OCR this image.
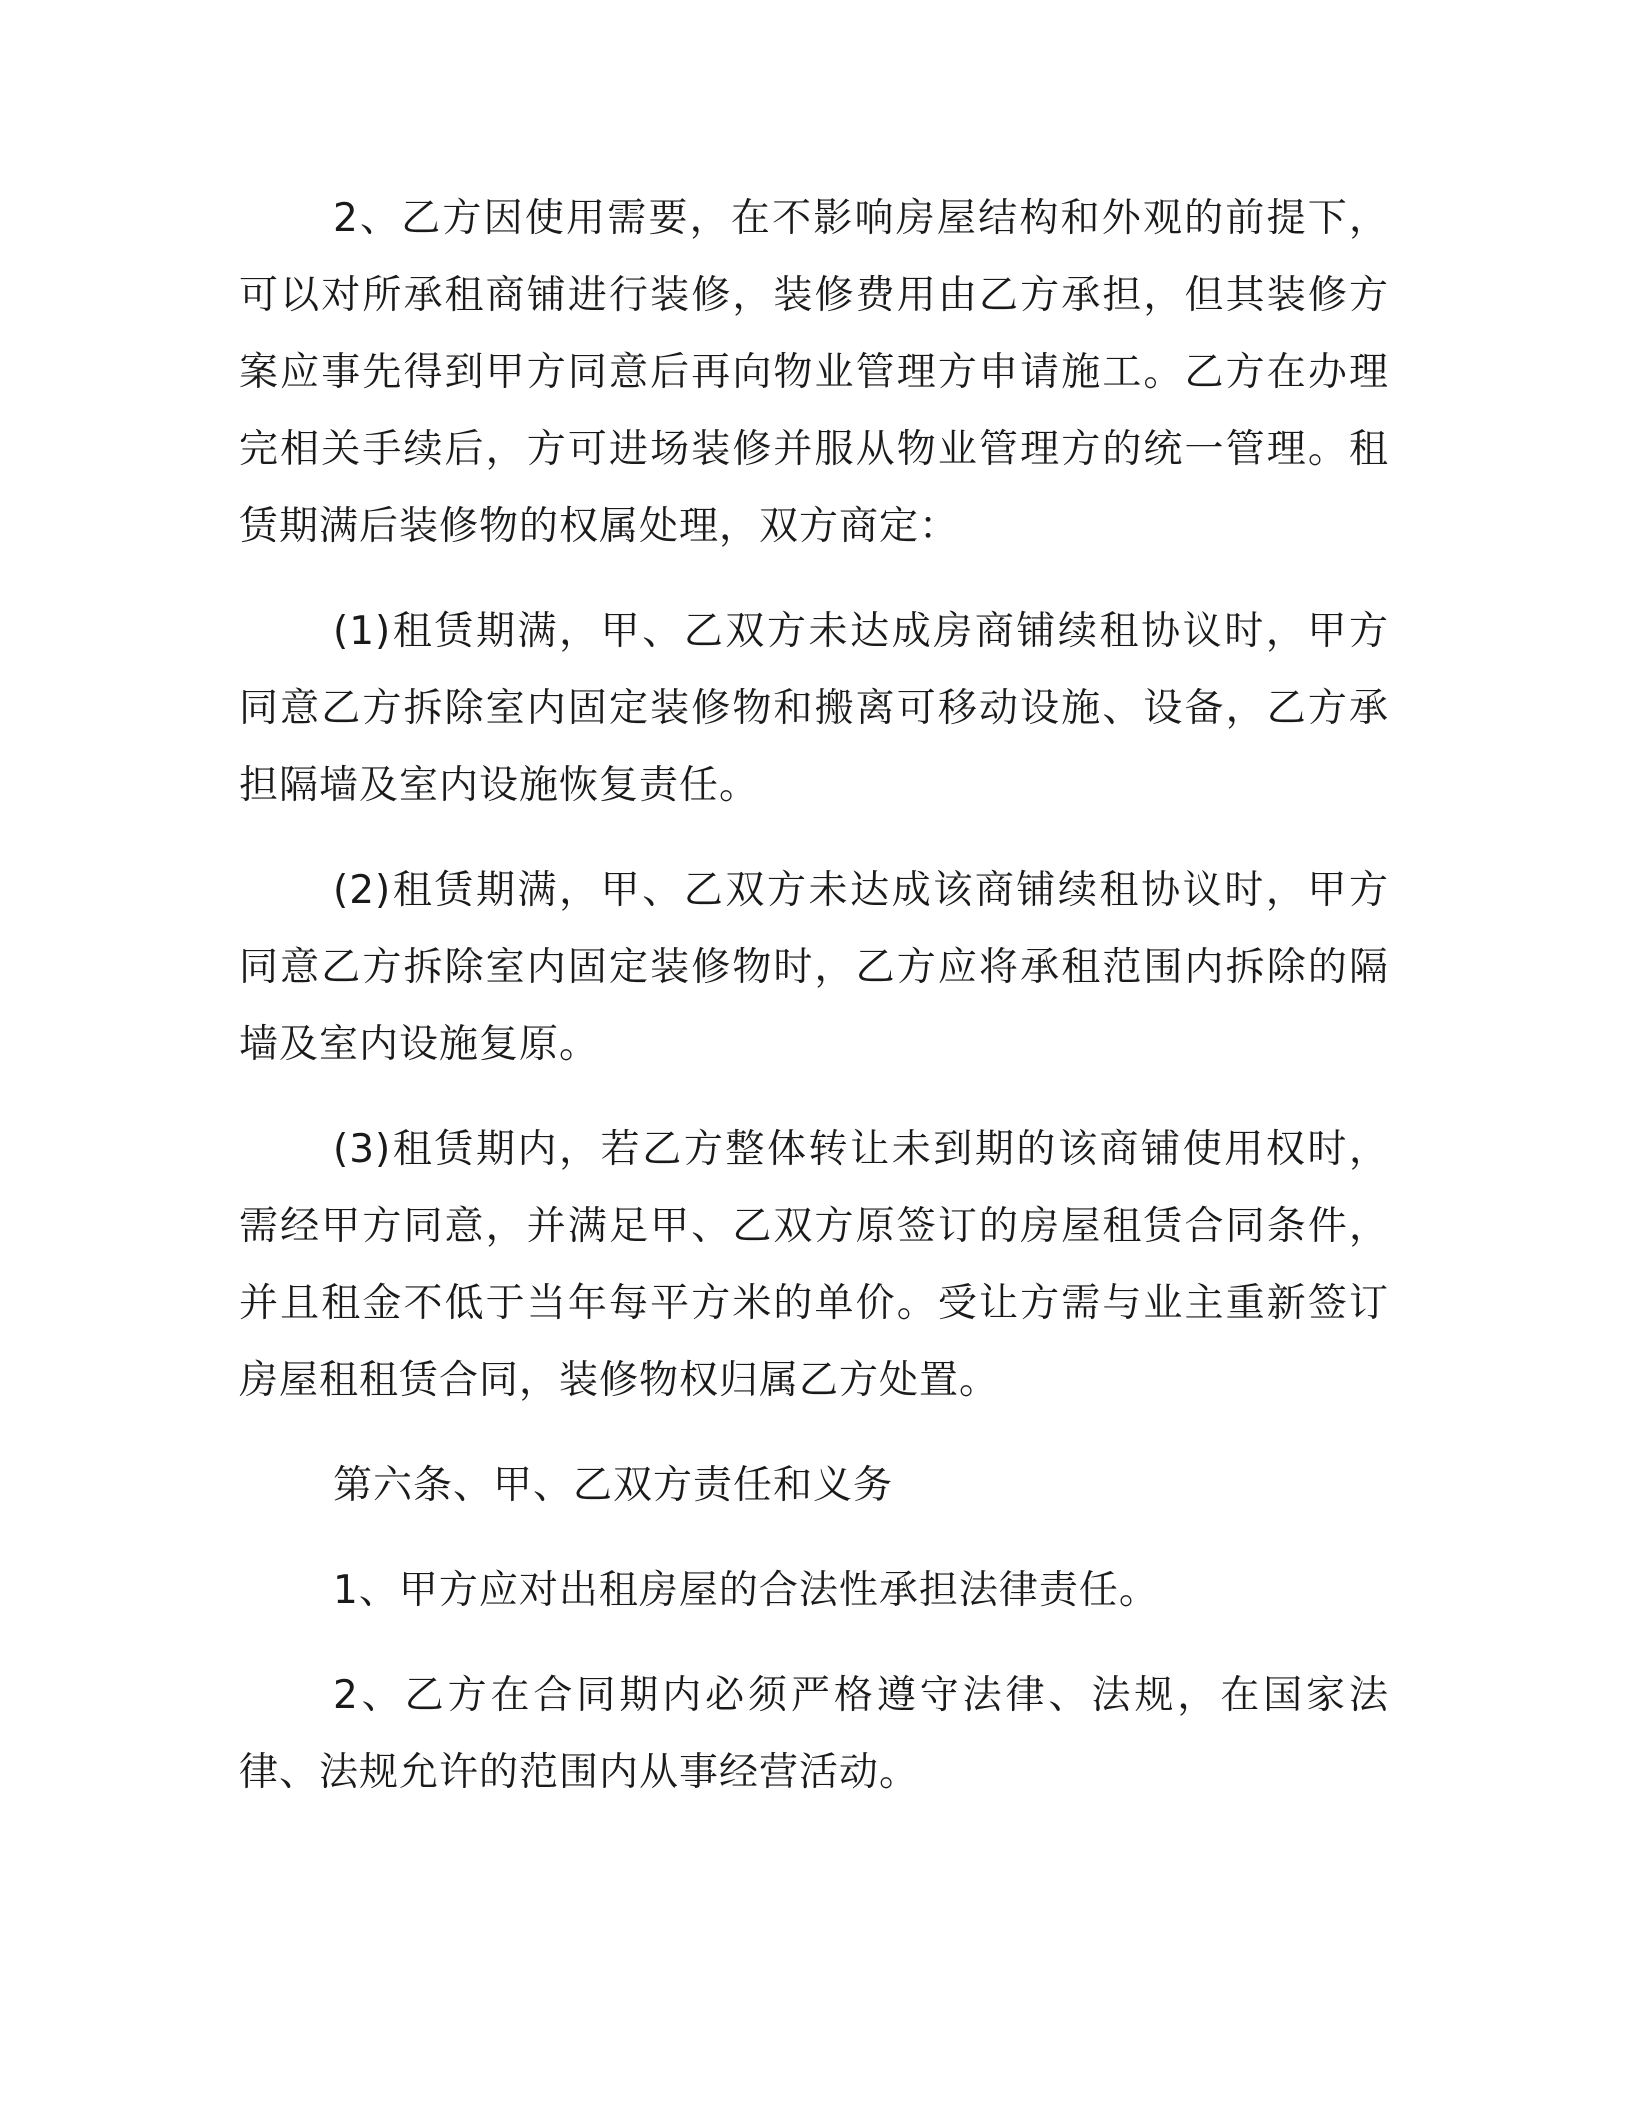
2、乙方因使用需要，在不影响房屋结构和外观的前提下，可以对所承租商铺进行装修，装修费用由乙方承担，但其装修方案应事先得到甲方同意后再向物业管理方申请施工。乙方在办理完相关手续后，方可进场装修并服从物业管理方的统一管理。租赁期满后装修物的权属处理，双方商定：

(1)租赁期满，甲、乙双方未达成房商铺续租协议时，甲方同意乙方拆除室内固定装修物和搬离可移动设施、设备，乙方承担隔墙及室内设施恢复责任。

(2)租赁期满，甲、乙双方未达成该商铺续租协议时，甲方同意乙方拆除室内固定装修物时，乙方应将承租范围内拆除的隔墙及室内设施复原。

(3)租赁期内，若乙方整体转让未到期的该商铺使用权时，需经甲方同意，并满足甲、乙双方原签订的房屋租赁合同条件，并且租金不低于当年每平方米的单价。受让方需与业主重新签订房屋租租赁合同，装修物权归属乙方处置。

第六条、甲、乙双方责任和义务

1、甲方应对出租房屋的合法性承担法律责任。

2、乙方在合同期内必须严格遵守法律、法规，在国家法律、法规允许的范围内从事经营活动。
